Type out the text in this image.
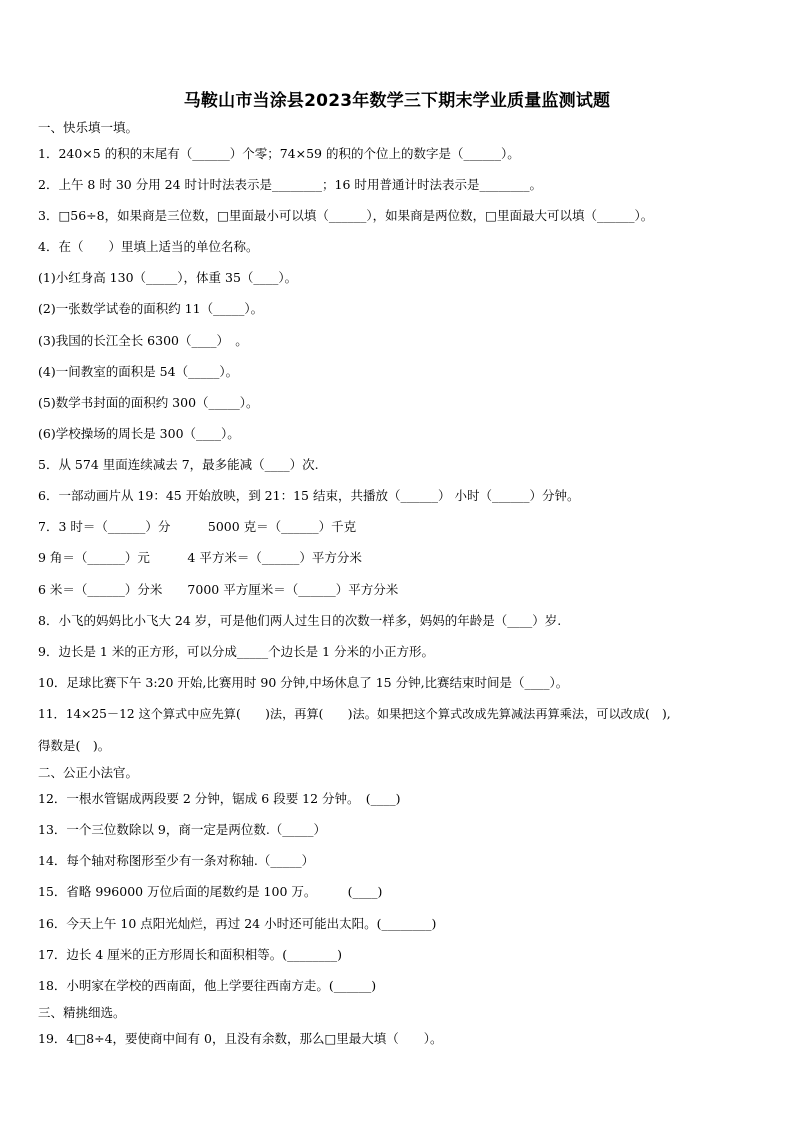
马鞍山市当涂县2023年数学三下期末学业质量监测试题
一、快乐填一填。
1．240×5 的积的末尾有（______）个零；74×59 的积的个位上的数字是（______）。
2．上午 8 时 30 分用 24 时计时法表示是________；16 时用普通计时法表示是________。
3．□56÷8，如果商是三位数，□里面最小可以填（______），如果商是两位数，□里面最大可以填（______）。
4．在（　　）里填上适当的单位名称。
(1)小红身高 130（_____），体重 35（____）。
(2)一张数学试卷的面积约 11（_____）。
(3)我国的长江全长 6300（____）　。
(4)一间教室的面积是 54（_____）。
(5)数学书封面的面积约 300（_____）。
(6)学校操场的周长是 300（____）。
5．从 574 里面连续减去 7，最多能减（____）次.
6．一部动画片从 19：45 开始放映，到 21：15 结束，共播放（______） 小时（______）分钟。
7．3 时＝（______）分　　　5000 克＝（______）千克
9 角＝（______）元　　　4 平方米＝（______）平方分米
6 米＝（______）分米　　7000 平方厘米＝（______）平方分米
8．小飞的妈妈比小飞大 24 岁，可是他们两人过生日的次数一样多，妈妈的年龄是（____）岁.
9．边长是 1 米的正方形，可以分成_____个边长是 1 分米的小正方形。
10．足球比赛下午 3:20 开始,比赛用时 90 分钟,中场休息了 15 分钟,比赛结束时间是（____）。
11．14×25－12 这个算式中应先算(　　)法，再算(　　)法。如果把这个算式改成先算减法再算乘法，可以改成(　),
得数是(　)。
二、公正小法官。
12．一根水管锯成两段要 2 分钟，锯成 6 段要 12 分钟。　(____)
13．一个三位数除以 9，商一定是两位数.（_____）
14．每个轴对称图形至少有一条对称轴.（_____）
15．省略 996000 万位后面的尾数约是 100 万。　　　(____)
16．今天上午 10 点阳光灿烂，再过 24 小时还可能出太阳。(________)
17．边长 4 厘米的正方形周长和面积相等。(________)
18．小明家在学校的西南面，他上学要往西南方走。(______)
三、精挑细选。
19．4□8÷4，要使商中间有 0，且没有余数，那么□里最大填（　　）。
